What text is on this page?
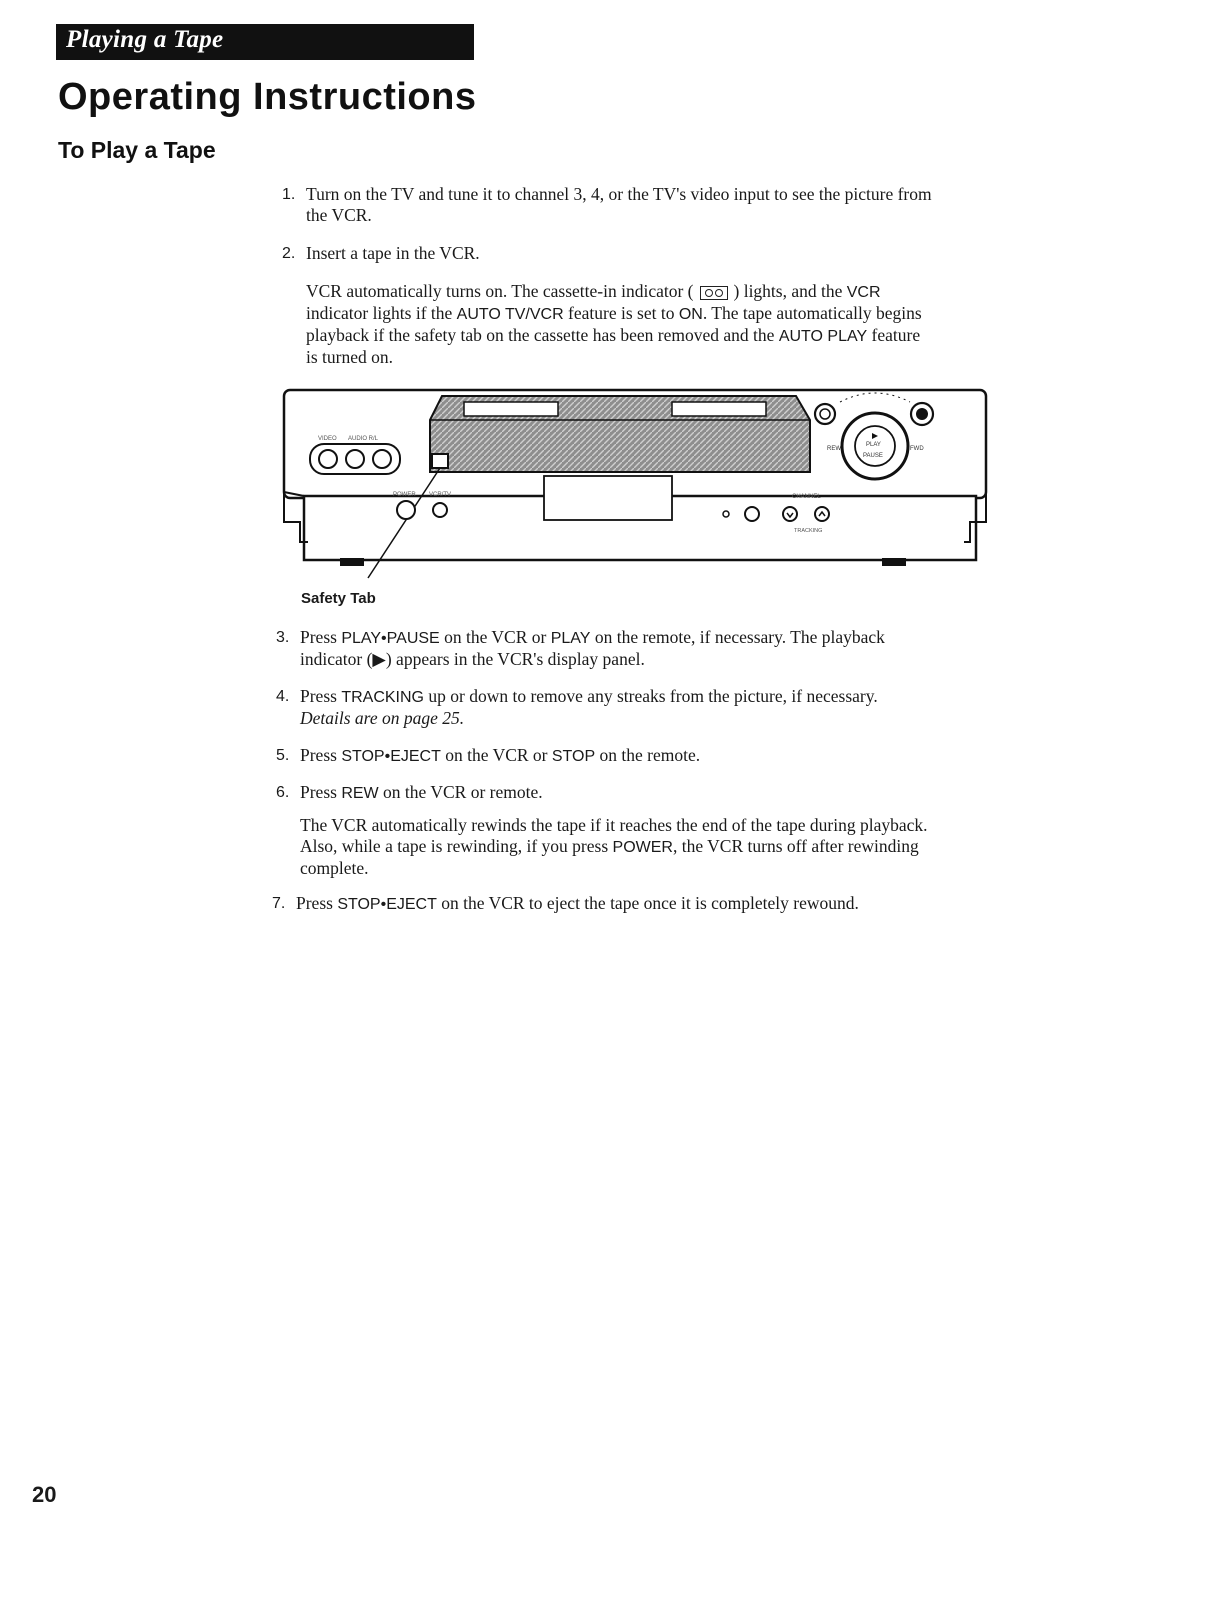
Playing a Tape
Operating Instructions
To Play a Tape
1. Turn on the TV and tune it to channel 3, 4, or the TV's video input to see the picture from the VCR.
2. Insert a tape in the VCR.
VCR automatically turns on. The cassette-in indicator ( ) lights, and the VCR indicator lights if the AUTO TV/VCR feature is set to ON. The tape automatically begins playback if the safety tab on the cassette has been removed and the AUTO PLAY feature is turned on.
VIDEO AUDIO R/L
POWER VCR/TV	CHANNEL
TRACKING
PLAY
PAUSE
REW	FWD
Safety Tab
3. Press PLAY•PAUSE on the VCR or PLAY on the remote, if necessary. The playback indicator (▶) appears in the VCR's display panel.
4. Press TRACKING up or down to remove any streaks from the picture, if necessary. Details are on page 25.
5. Press STOP•EJECT on the VCR or STOP on the remote.
6. Press REW on the VCR or remote.
The VCR automatically rewinds the tape if it reaches the end of the tape during playback. Also, while a tape is rewinding, if you press POWER, the VCR turns off after rewinding complete.
7. Press STOP•EJECT on the VCR to eject the tape once it is completely rewound.
20
